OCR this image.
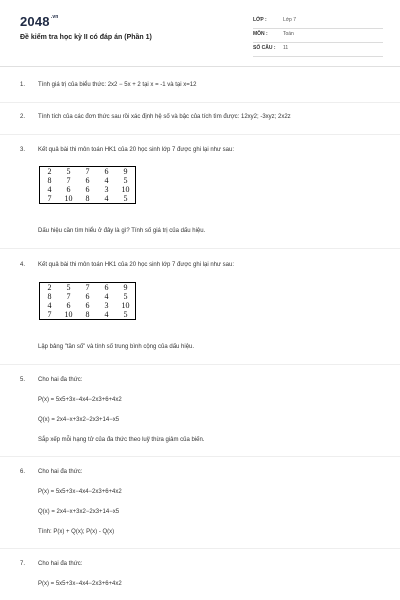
$2048^{.vn}$
Đề kiểm tra học kỳ II có đáp án (Phần 1)
LỚP :	Lớp 7
MÔN :	Toán
SỐ CÂU : 11
1. Tính giá trị của biểu thức: 2x2 − 5x + 2 tại x = -1 và tại x=12
2. Tính tích của các đơn thức sau rồi xác định hệ số và bậc của tích tìm được: 12xy2; -3xyz; 2x2z
3. Kết quả bài thi môn toán HK1 của 20 học sinh lớp 7 được ghi lại như sau:
2	5	7	6	9
8	7	6	4	5
4	6	6	3	10
7	10	8	4	5
Dấu hiệu cần tìm hiểu ở đây là gì? Tính số giá trị của dấu hiệu.
4. Kết quả bài thi môn toán HK1 của 20 học sinh lớp 7 được ghi lại như sau:
2	5	7	6	9
8	7	6	4	5
4	6	6	3	10
7	10	8	4	5
Lập bảng "tần số" và tính số trung bình cộng của dấu hiệu.
5. Cho hai đa thức:
P(x) = 5x5+3x−4x4−2x3+6+4x2
Q(x) = 2x4−x+3x2−2x3+14−x5
Sắp xếp mỗi hạng tử của đa thức theo luỹ thừa giảm của biến.
6. Cho hai đa thức:
P(x) = 5x5+3x−4x4−2x3+6+4x2
Q(x) = 2x4−x+3x2−2x3+14−x5
Tính: P(x) + Q(x); P(x) - Q(x)
7. Cho hai đa thức:
P(x) = 5x5+3x−4x4−2x3+6+4x2
